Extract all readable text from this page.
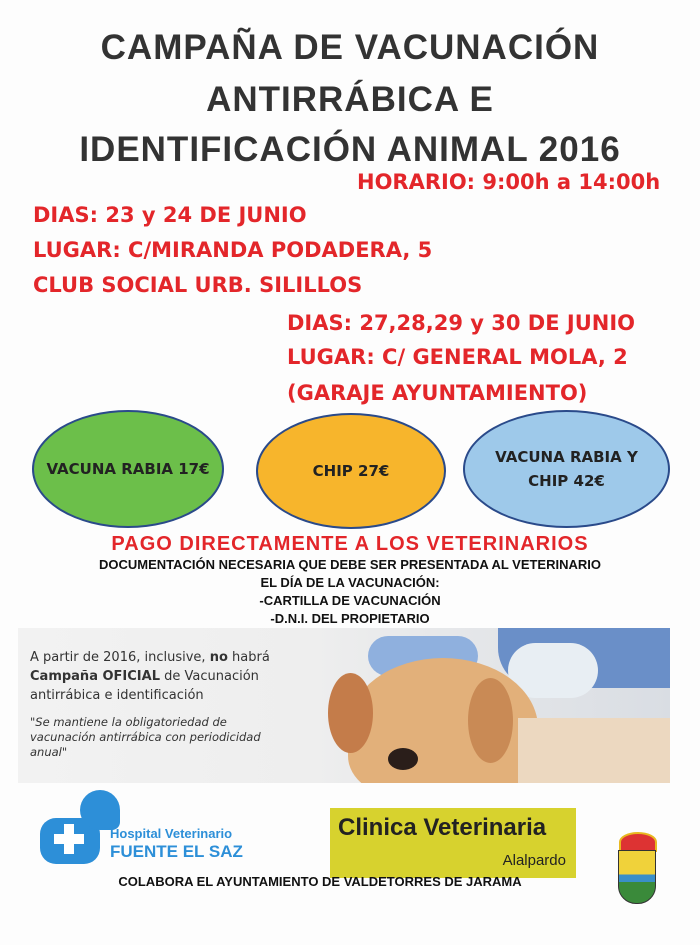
CAMPAÑA DE VACUNACIÓN
ANTIRRÁBICA E
IDENTIFICACIÓN ANIMAL 2016
HORARIO: 9:00h a 14:00h
DIAS: 23 y 24 DE JUNIO
LUGAR: C/MIRANDA PODADERA, 5
CLUB SOCIAL URB. SILILLOS
DIAS: 27,28,29 y 30 DE JUNIO
LUGAR: C/ GENERAL MOLA, 2
(GARAJE AYUNTAMIENTO)
VACUNA RABIA 17€	CHIP 27€
VACUNA RABIA Y CHIP 42€
PAGO DIRECTAMENTE A LOS VETERINARIOS
DOCUMENTACIÓN NECESARIA QUE DEBE SER PRESENTADA AL VETERINARIO
EL DÍA DE LA VACUNACIÓN:
-CARTILLA DE VACUNACIÓN
-D.N.I. DEL PROPIETARIO
A partir de 2016, inclusive, no habrá
Campaña OFICIAL de Vacunación
antirrábica e identificación
"Se mantiene la obligatoriedad de vacunación antirrábica con periodicidad anual"
Hospital Veterinario
FUENTE EL SAZ
Clinica Veterinaria
Alalpardo
COLABORA EL AYUNTAMIENTO DE VALDETORRES DE JARAMA
